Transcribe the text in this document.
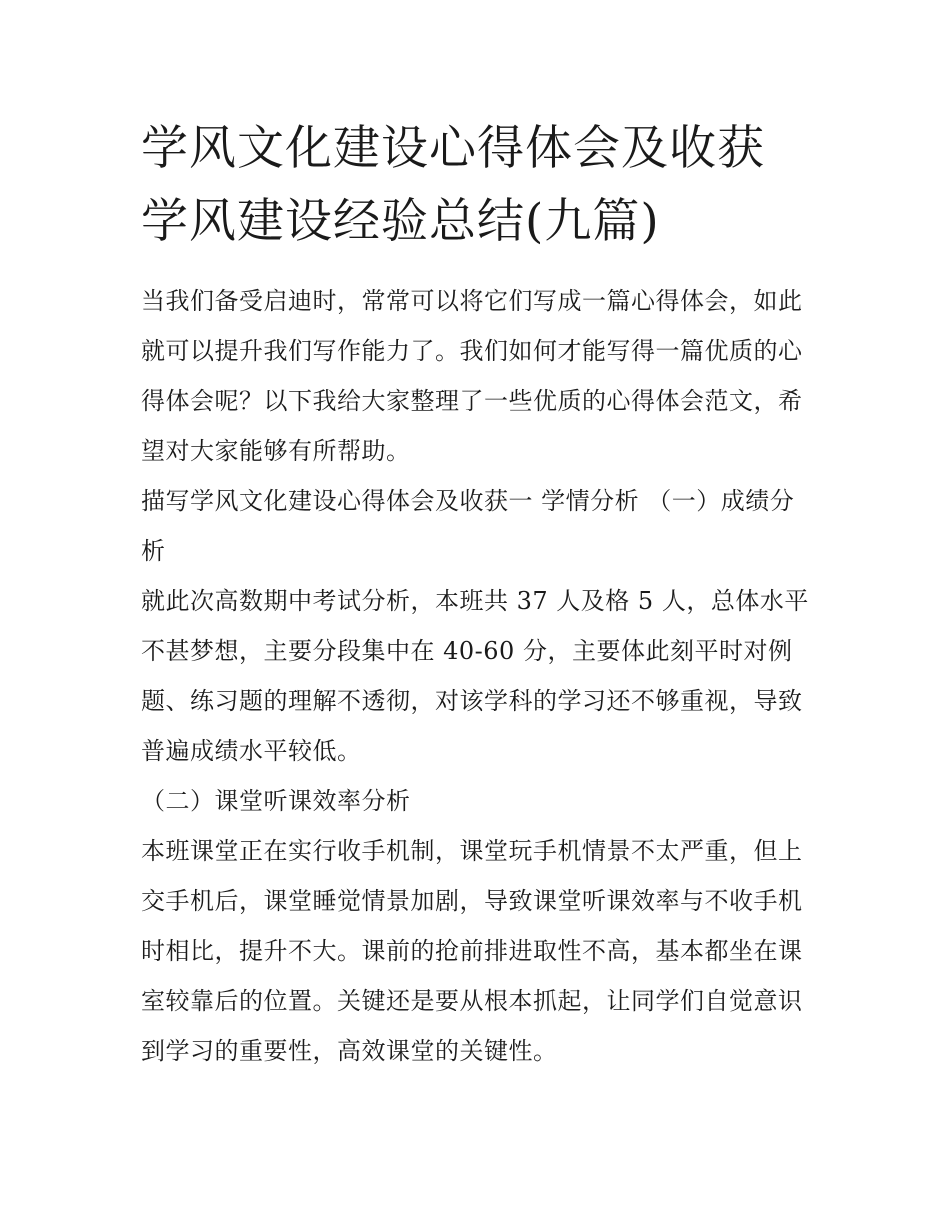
学风文化建设心得体会及收获
学风建设经验总结(九篇)

当我们备受启迪时，常常可以将它们写成一篇心得体会，如此
就可以提升我们写作能力了。我们如何才能写得一篇优质的心
得体会呢？以下我给大家整理了一些优质的心得体会范文，希
望对大家能够有所帮助。

描写学风文化建设心得体会及收获一 学情分析 （一）成绩分
析

就此次高数期中考试分析，本班共 37 人及格 5 人，总体水平
不甚梦想，主要分段集中在 40-60 分，主要体此刻平时对例
题、练习题的理解不透彻，对该学科的学习还不够重视，导致
普遍成绩水平较低。

（二）课堂听课效率分析

本班课堂正在实行收手机制，课堂玩手机情景不太严重，但上
交手机后，课堂睡觉情景加剧，导致课堂听课效率与不收手机
时相比，提升不大。课前的抢前排进取性不高，基本都坐在课
室较靠后的位置。关键还是要从根本抓起，让同学们自觉意识
到学习的重要性，高效课堂的关键性。
